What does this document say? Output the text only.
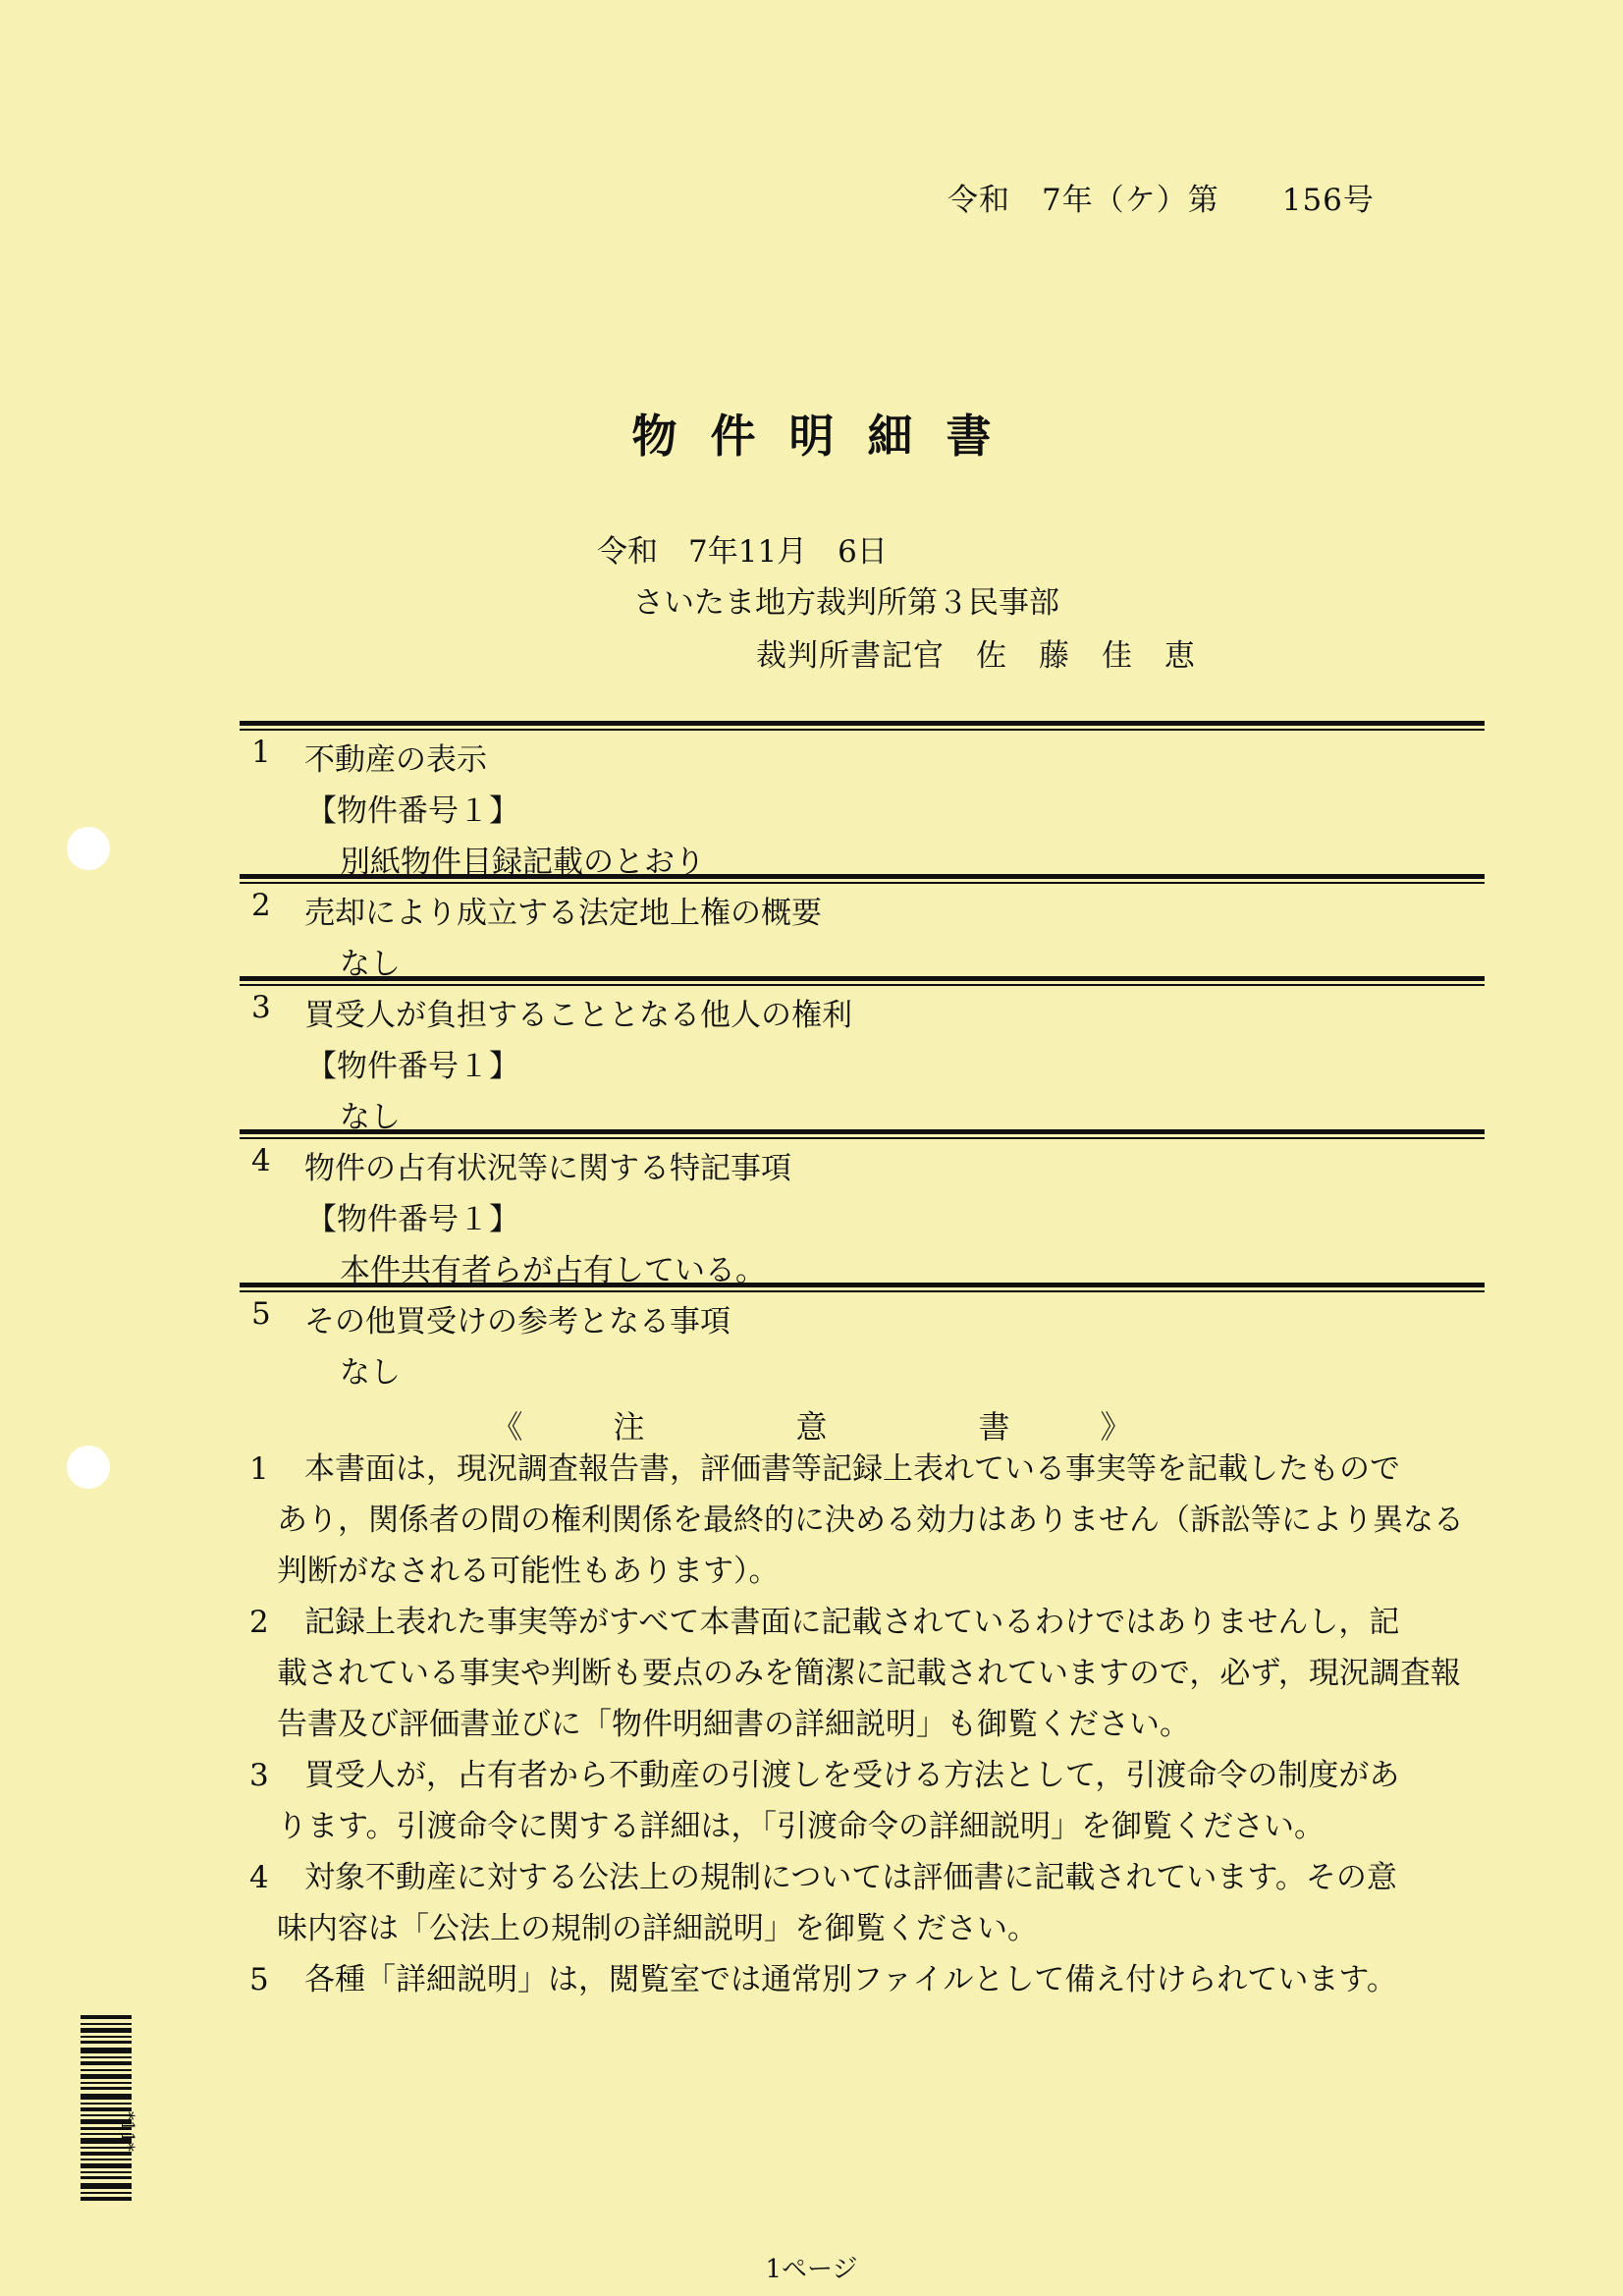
令和　7年（ケ）第　　156号
物件明細書
令和　7年11月　6日
さいたま地方裁判所第３民事部
裁判所書記官　佐　藤　佳　恵
1 不動産の表示
【物件番号１】
別紙物件目録記載のとおり
2 売却により成立する法定地上権の概要
なし
3 買受人が負担することとなる他人の権利
【物件番号１】
なし
4 物件の占有状況等に関する特記事項
【物件番号１】
本件共有者らが占有している。
5 その他買受けの参考となる事項
なし
《　注　　意　　書　》
1	本書面は，現況調査報告書，評価書等記録上表れている事実等を記載したもので
あり，関係者の間の権利関係を最終的に決める効力はありません（訴訟等により異なる判断がなされる可能性もあります）。
2	記録上表れた事実等がすべて本書面に記載されているわけではありませんし，記
載されている事実や判断も要点のみを簡潔に記載されていますので，必ず，現況調査報告書及び評価書並びに「物件明細書の詳細説明」も御覧ください。
3	買受人が，占有者から不動産の引渡しを受ける方法として，引渡命令の制度があ
ります。引渡命令に関する詳細は，「引渡命令の詳細説明」を御覧ください。
4	対象不動産に対する公法上の規制については評価書に記載されています。その意
味内容は「公法上の規制の詳細説明」を御覧ください。
5	各種「詳細説明」は，閲覧室では通常別ファイルとして備え付けられています。
*11*
1ページ
